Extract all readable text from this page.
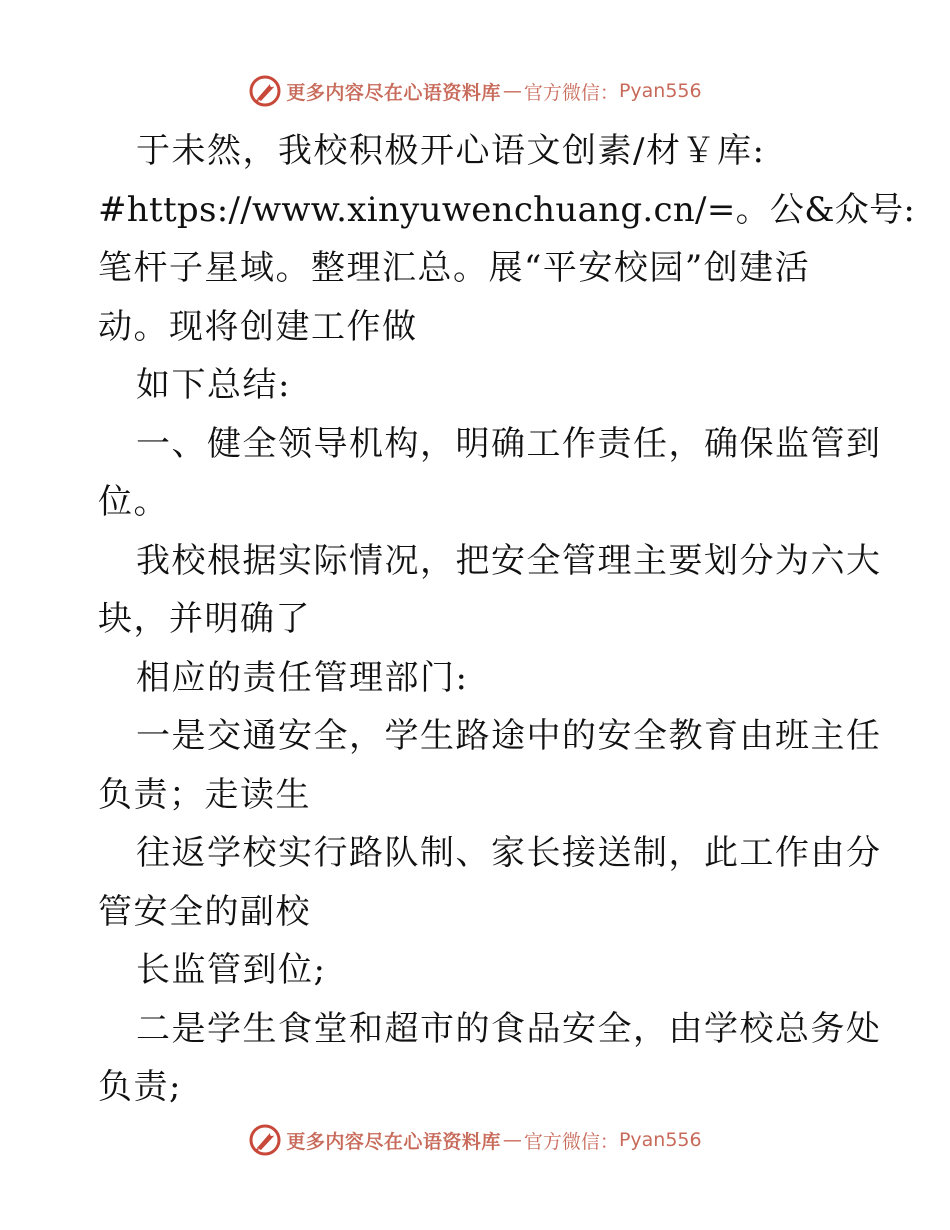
更多内容尽在心语资料库 — 官方微信： Pyan556
于未然，我校积极开心语文创素/材￥库:
#https://www.xinyuwenchuang.cn/=。公&众号:
笔杆子星域。整理汇总。展“平安校园”创建活
动。现将创建工作做
如下总结:
一、健全领导机构，明确工作责任，确保监管到
位。
我校根据实际情况，把安全管理主要划分为六大
块，并明确了
相应的责任管理部门:
一是交通安全，学生路途中的安全教育由班主任
负责；走读生
往返学校实行路队制、家长接送制，此工作由分
管安全的副校
长监管到位;
二是学生食堂和超市的食品安全，由学校总务处
负责;
更多内容尽在心语资料库 — 官方微信： Pyan556
